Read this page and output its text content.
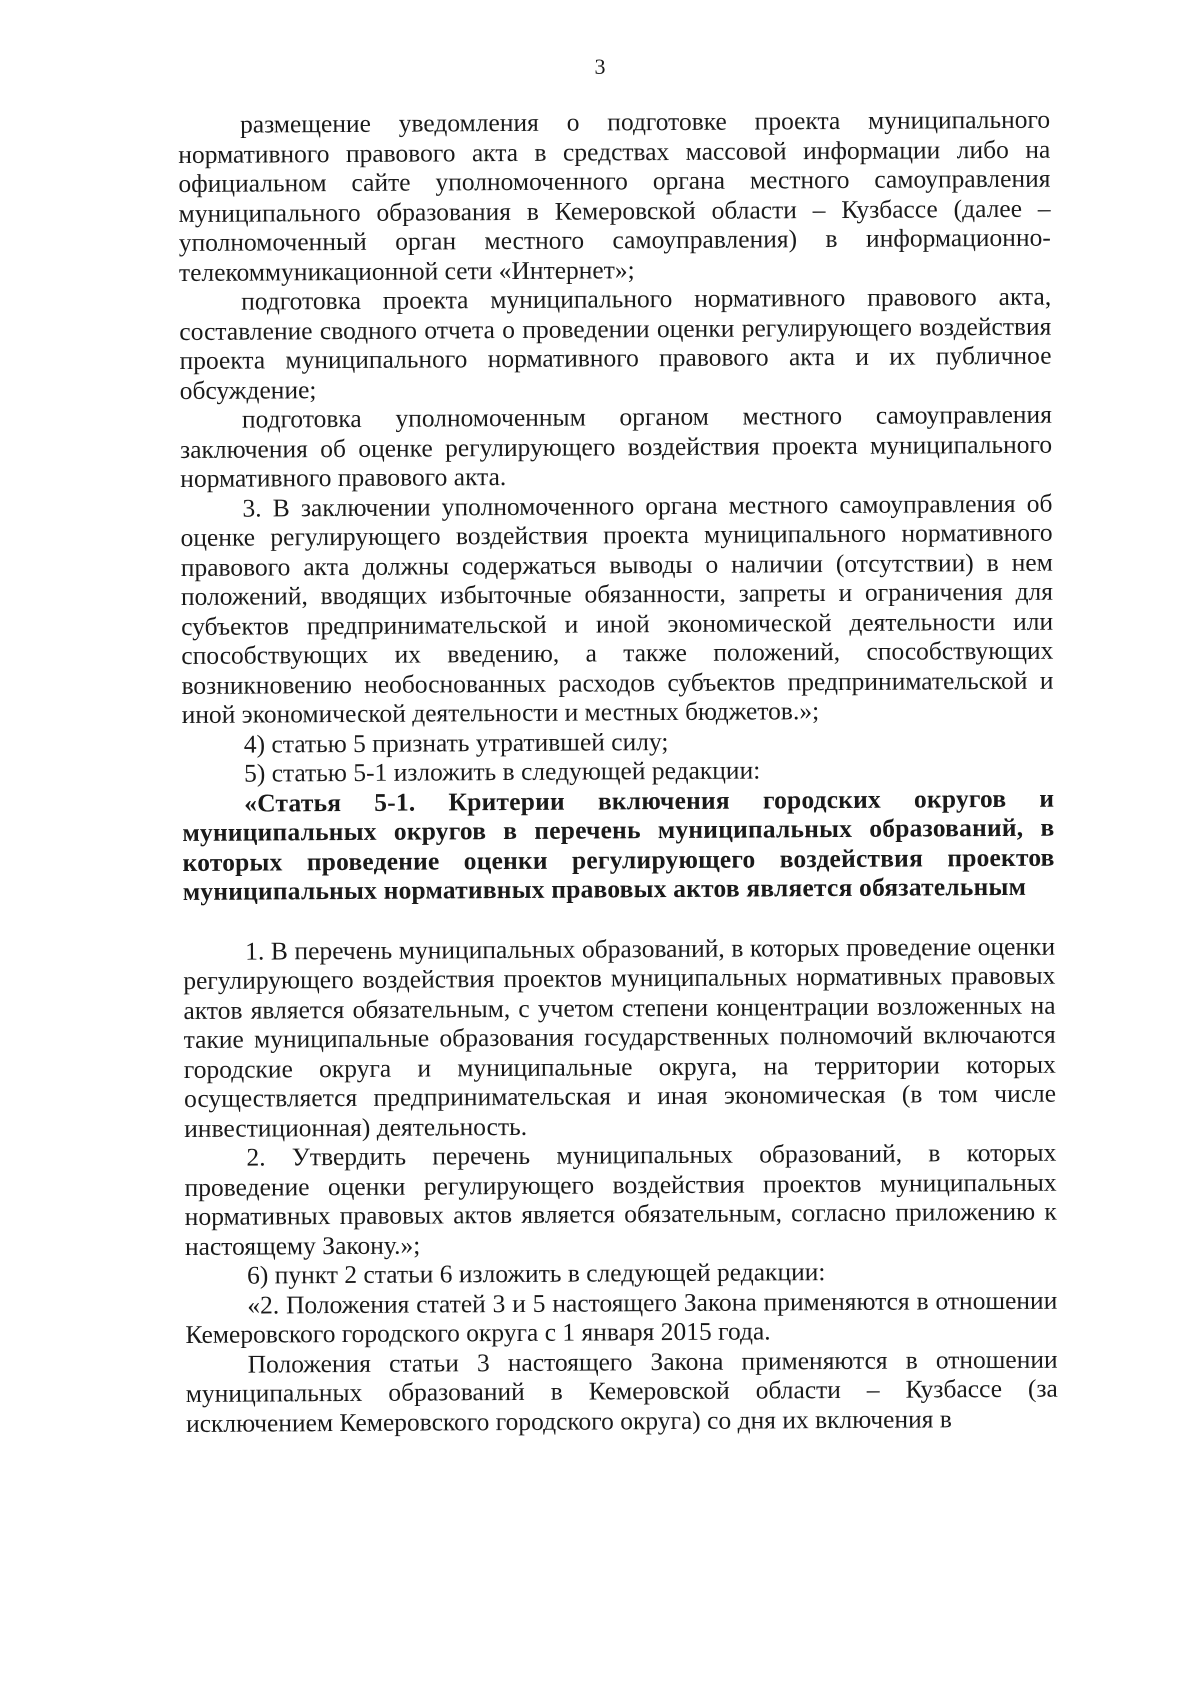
3

размещение уведомления о подготовке проекта муниципального нормативного правового акта в средствах массовой информации либо на официальном сайте уполномоченного органа местного самоуправления муниципального образования в Кемеровской области – Кузбассе (далее – уполномоченный орган местного самоуправления) в информационно-телекоммуникационной сети «Интернет»;

подготовка проекта муниципального нормативного правового акта, составление сводного отчета о проведении оценки регулирующего воздействия проекта муниципального нормативного правового акта и их публичное обсуждение;

подготовка уполномоченным органом местного самоуправления заключения об оценке регулирующего воздействия проекта муниципального нормативного правового акта.

3. В заключении уполномоченного органа местного самоуправления об оценке регулирующего воздействия проекта муниципального нормативного правового акта должны содержаться выводы о наличии (отсутствии) в нем положений, вводящих избыточные обязанности, запреты и ограничения для субъектов предпринимательской и иной экономической деятельности или способствующих их введению, а также положений, способствующих возникновению необоснованных расходов субъектов предпринимательской и иной экономической деятельности и местных бюджетов.»;

4) статью 5 признать утратившей силу;

5) статью 5-1 изложить в следующей редакции:

«Статья 5-1. Критерии включения городских округов и муниципальных округов в перечень муниципальных образований, в которых проведение оценки регулирующего воздействия проектов муниципальных нормативных правовых актов является обязательным

1. В перечень муниципальных образований, в которых проведение оценки регулирующего воздействия проектов муниципальных нормативных правовых актов является обязательным, с учетом степени концентрации возложенных на такие муниципальные образования государственных полномочий включаются городские округа и муниципальные округа, на территории которых осуществляется предпринимательская и иная экономическая (в том числе инвестиционная) деятельность.

2. Утвердить перечень муниципальных образований, в которых проведение оценки регулирующего воздействия проектов муниципальных нормативных правовых актов является обязательным, согласно приложению к настоящему Закону.»;

6) пункт 2 статьи 6 изложить в следующей редакции:

«2. Положения статей 3 и 5 настоящего Закона применяются в отношении Кемеровского городского округа с 1 января 2015 года.

Положения статьи 3 настоящего Закона применяются в отношении муниципальных образований в Кемеровской области – Кузбассе (за исключением Кемеровского городского округа) со дня их включения в
